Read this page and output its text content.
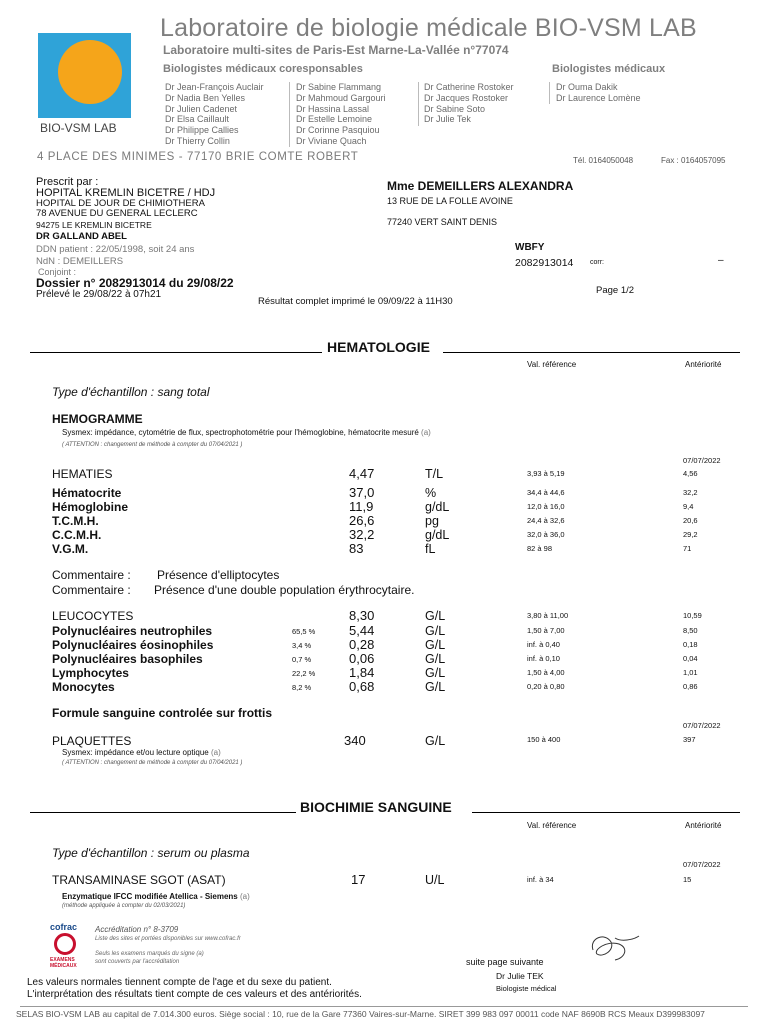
BIO-VSM LAB
Laboratoire de biologie médicale BIO-VSM LAB
Laboratoire multi-sites de Paris-Est Marne-La-Vallée n°77074
Biologistes médicaux coresponsables	Biologistes médicaux
Dr Jean-François Auclair
Dr Nadia Ben Yelles
Dr Julien Cadenet
Dr Elsa Caillault
Dr Philippe Callies
Dr Thierry Collin
Dr Sabine Flammang
Dr Mahmoud Gargouri
Dr Hassina Lassal
Dr Estelle Lemoine
Dr Corinne Pasquiou
Dr Viviane Quach
Dr Catherine Rostoker
Dr Jacques Rostoker
Dr Sabine Soto
Dr Julie Tek
Dr Ouma Dakik
Dr Laurence Lomène
4 PLACE DES MINIMES - 77170 BRIE COMTE ROBERT	Tél. 0164050048	Fax : 0164057095
Prescrit par :
HOPITAL KREMLIN BICETRE / HDJ
HOPITAL DE JOUR DE CHIMIOTHERA
78 AVENUE DU GENERAL LECLERC
94275 LE KREMLIN BICETRE
DR GALLAND ABEL
DDN patient : 22/05/1998, soit 24 ans
NdN : DEMEILLERS
Conjoint :
Dossier n° 2082913014 du 29/08/22
Prélevé le 29/08/22 à 07h21
Résultat complet imprimé le 09/09/22 à 11H30
Mme DEMEILLERS ALEXANDRA
13 RUE DE LA FOLLE AVOINE
77240 VERT SAINT DENIS
WBFY
2082913014 corr:	–
Page 1/2
HEMATOLOGIE
Val. référence	Antériorité
Type d'échantillon : sang total
HEMOGRAMME
Sysmex: impédance, cytométrie de flux, spectrophotométrie pour l'hémoglobine, hématocrite mesuré (a)
( ATTENTION : changement de méthode à compter du 07/04/2021 )
07/07/2022
HEMATIES	4,47	T/L	3,93 à 5,19	4,56
Hématocrite	37,0	%	34,4 à 44,6	32,2
Hémoglobine	11,9	g/dL	12,0 à 16,0	9,4
T.C.M.H.	26,6	pg	24,4 à 32,6	20,6
C.C.M.H.	32,2	g/dL	32,0 à 36,0	29,2
V.G.M.	83	fL	82 à 98	71
Commentaire : Présence d'elliptocytes
Commentaire : Présence d'une double population érythrocytaire.
LEUCOCYTES	8,30	G/L	3,80 à 11,00	10,59
Polynucléaires neutrophiles	65,5 %	5,44	G/L	1,50 à 7,00	8,50
Polynucléaires éosinophiles	3,4 %	0,28	G/L	inf. à 0,40	0,18
Polynucléaires basophiles	0,7 %	0,06	G/L	inf. à 0,10	0,04
Lymphocytes	22,2 %	1,84	G/L	1,50 à 4,00	1,01
Monocytes	8,2 %	0,68	G/L	0,20 à 0,80	0,86
Formule sanguine controlée sur frottis
07/07/2022
PLAQUETTES	340	G/L	150 à 400	397
Sysmex: impédance et/ou lecture optique (a)
( ATTENTION : changement de méthode à compter du 07/04/2021 )
BIOCHIMIE SANGUINE
Val. référence	Antériorité
Type d'échantillon : serum ou plasma
07/07/2022
TRANSAMINASE SGOT (ASAT)	17	U/L	inf. à 34	15
Enzymatique IFCC modifiée Atellica - Siemens (a)
(méthode appliquée à compter du 02/03/2021)
cofrac
EXAMENS MÉDICAUX
Accréditation n° 8-3709
Liste des sites et portées disponibles sur www.cofrac.fr
Seuls les examens marqués du signe (a)
sont couverts par l'accréditation	suite page suivante
Dr Julie TEK
Biologiste médical
Les valeurs normales tiennent compte de l'age et du sexe du patient.
L'interprétation des résultats tient compte de ces valeurs et des antériorités.
SELAS BIO-VSM LAB au capital de 7.014.300 euros. Siège social : 10, rue de la Gare 77360 Vaires-sur-Marne. SIRET 399 983 097 00011 code NAF 8690B RCS Meaux D399983097
